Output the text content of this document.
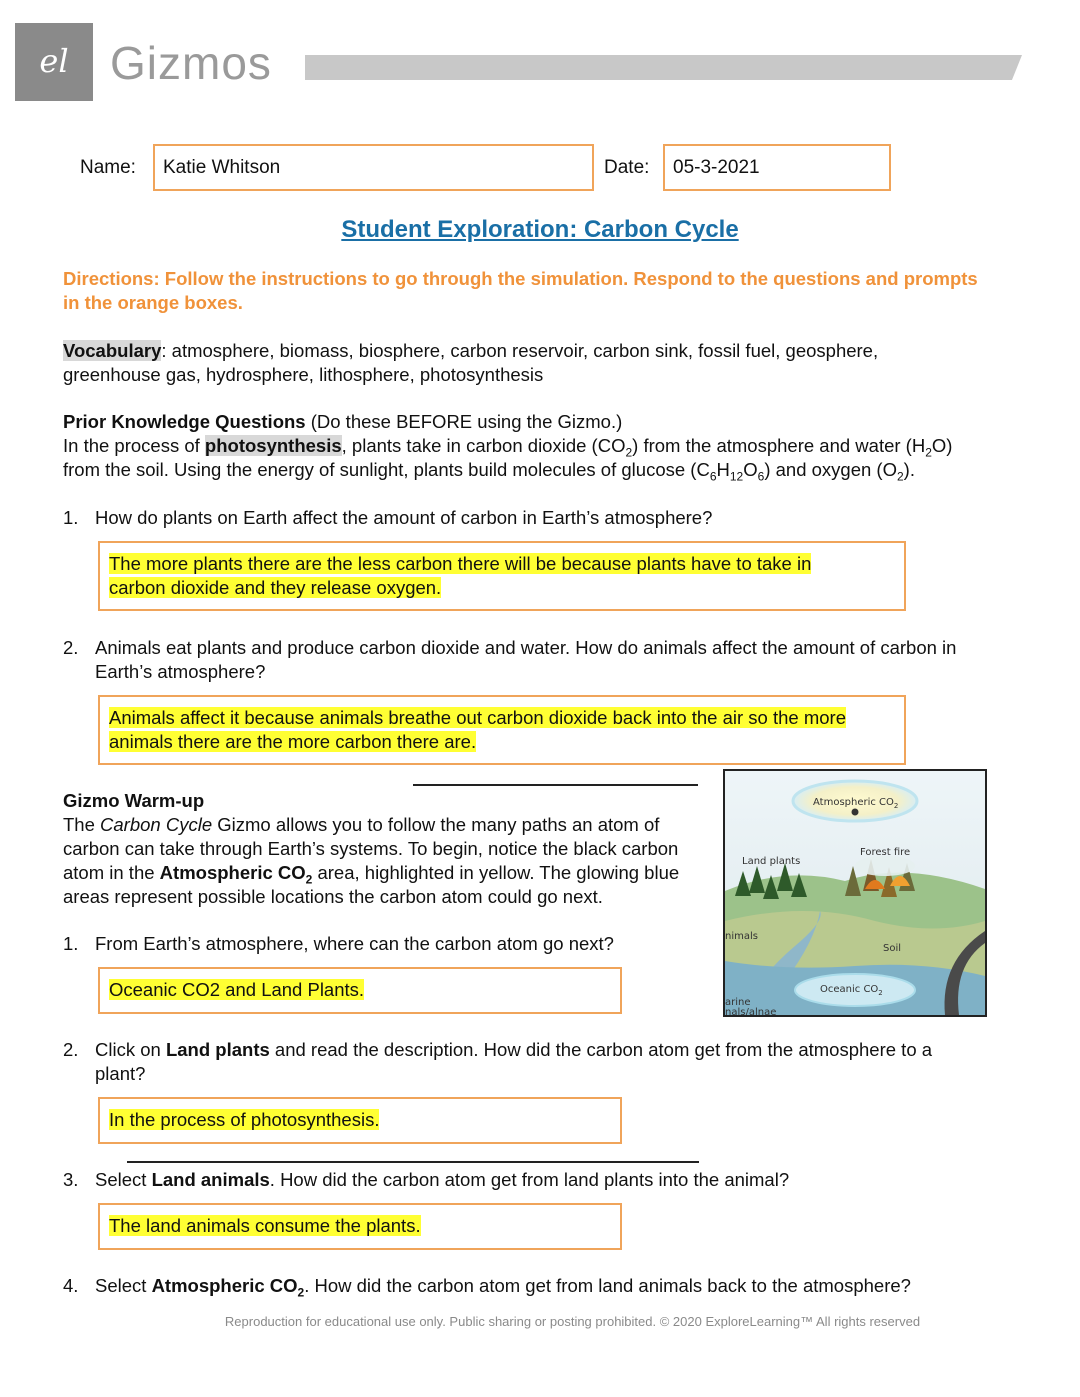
el Gizmos
Name:	Katie Whitson	Date:	05-3-2021
Student Exploration: Carbon Cycle
Directions: Follow the instructions to go through the simulation. Respond to the questions and prompts in the orange boxes.
Vocabulary: atmosphere, biomass, biosphere, carbon reservoir, carbon sink, fossil fuel, geosphere,
greenhouse gas, hydrosphere, lithosphere, photosynthesis
Prior Knowledge Questions (Do these BEFORE using the Gizmo.)
In the process of photosynthesis, plants take in carbon dioxide $(CO_2)$ from the atmosphere and water $(H_2O)$
from the soil. Using the energy of sunlight, plants build molecules of glucose $(C_6H_{12}O_6)$ and oxygen $(O_2)$.
1. How do plants on Earth affect the amount of carbon in Earth’s atmosphere?
The more plants there are the less carbon there will be because plants have to take in
carbon dioxide and they release oxygen.
2. Animals eat plants and produce carbon dioxide and water. How do animals affect the amount of carbon in
Earth’s atmosphere?
Animals affect it because animals breathe out carbon dioxide back into the air so the more
animals there are the more carbon there are.
Gizmo Warm-up
The Carbon Cycle Gizmo allows you to follow the many paths an atom of
carbon can take through Earth’s systems. To begin, notice the black carbon
atom in the Atmospheric $CO_2$ area, highlighted in yellow. The glowing blue
areas represent possible locations the carbon atom could go next.
Atmospheric $CO_2$
Forest fire
Land plants
nimals
Soil
Oceanic $CO_2$
arine
nals/alnae
1. From Earth’s atmosphere, where can the carbon atom go next?
Oceanic CO2 and Land Plants.
2. Click on Land plants and read the description. How did the carbon atom get from the atmosphere to a
plant?
In the process of photosynthesis.
3. Select Land animals. How did the carbon atom get from land plants into the animal?
The land animals consume the plants.
4. Select Atmospheric $CO_2$. How did the carbon atom get from land animals back to the atmosphere?
Reproduction for educational use only. Public sharing or posting prohibited. © 2020 ExploreLearning™ All rights reserved
